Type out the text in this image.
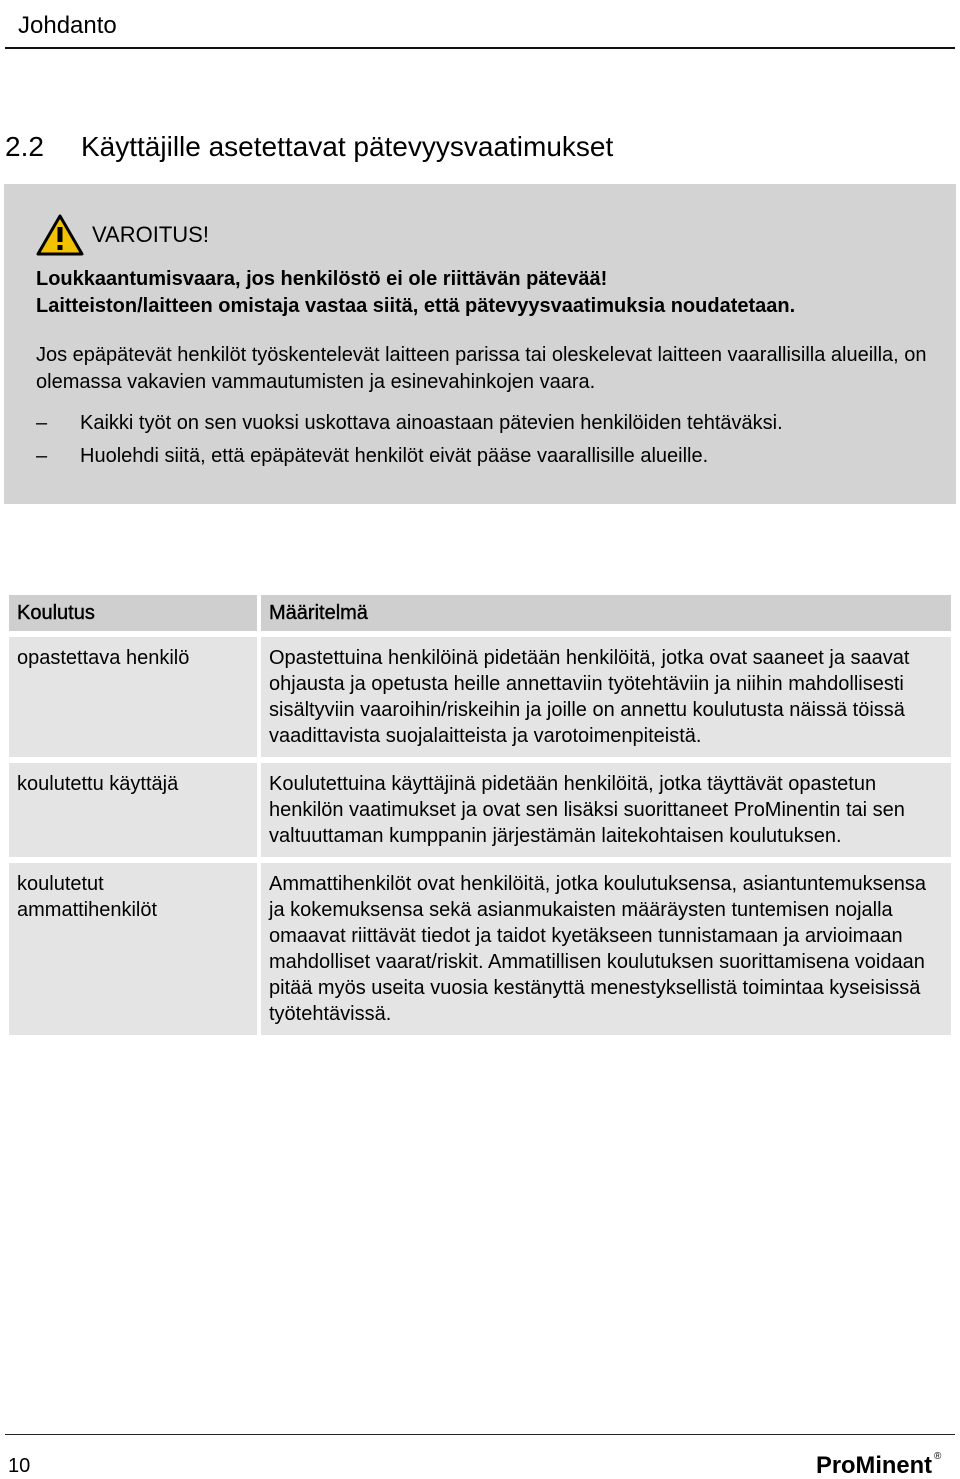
Johdanto
2.2	Käyttäjille asetettavat pätevyysvaatimukset
VAROITUS!
Loukkaantumisvaara, jos henkilöstö ei ole riittävän pätevää!
Laitteiston/laitteen omistaja vastaa siitä, että pätevyysvaatimuksia noudatetaan.
Jos epäpätevät henkilöt työskentelevät laitteen parissa tai oleskelevat laitteen vaarallisilla alueilla, on olemassa vakavien vammautumisten ja esinevahinkojen vaara.
–	Kaikki työt on sen vuoksi uskottava ainoastaan pätevien henkilöiden tehtäväksi.
–	Huolehdi siitä, että epäpätevät henkilöt eivät pääse vaarallisille alueille.
Koulutus	Määritelmä
opastettava henkilö	Opastettuina henkilöinä pidetään henkilöitä, jotka ovat saaneet ja saavat ohjausta ja opetusta heille annettaviin työtehtäviin ja niihin mahdollisesti sisältyviin vaaroihin/riskeihin ja joille on annettu koulutusta näissä töissä vaadittavista suojalaitteista ja varotoimenpiteistä.
koulutettu käyttäjä	Koulutettuina käyttäjinä pidetään henkilöitä, jotka täyttävät opastetun henkilön vaatimukset ja ovat sen lisäksi suorittaneet ProMinentin tai sen valtuuttaman kumppanin järjestämän laitekohtaisen koulutuksen.
koulutetut ammattihenkilöt	Ammattihenkilöt ovat henkilöitä, jotka koulutuksensa, asiantuntemuksensa ja kokemuksensa sekä asianmukaisten määräysten tuntemisen nojalla omaavat riittävät tiedot ja taidot kyetäkseen tunnistamaan ja arvioimaan mahdolliset vaarat/riskit. Ammatillisen koulutuksen suorittamisena voidaan pitää myös useita vuosia kestänyttä menestyksellistä toimintaa kyseisissä työtehtävissä.
10	ProMinent ®
